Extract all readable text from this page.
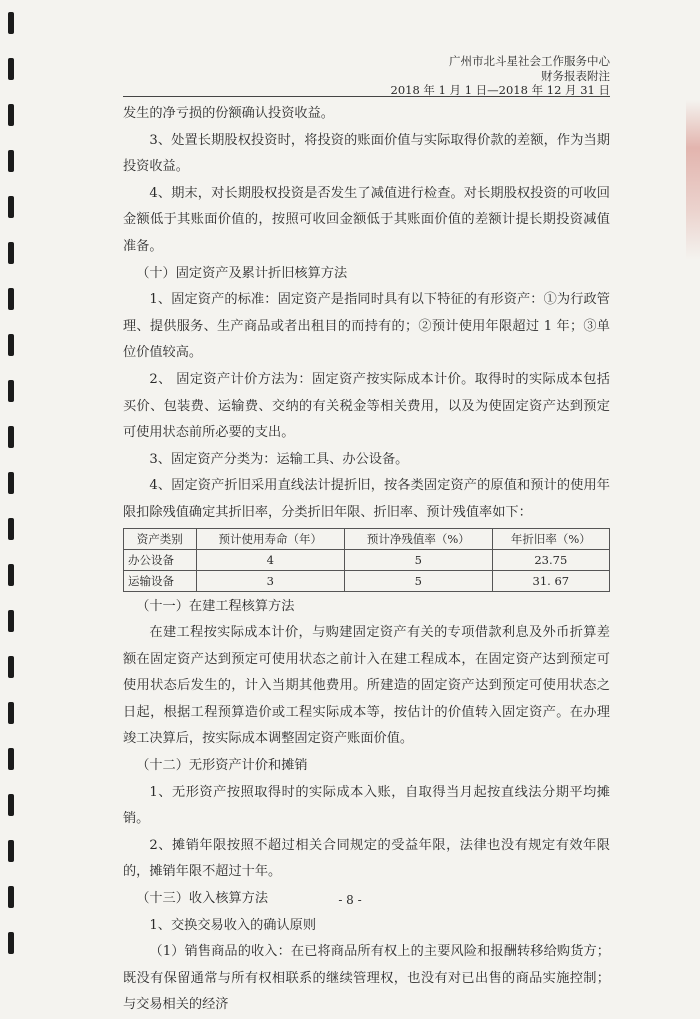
广州市北斗星社会工作服务中心
财务报表附注
2018 年 1 月 1 日—2018 年 12 月 31 日

发生的净亏损的份额确认投资收益。

3、处置长期股权投资时，将投资的账面价值与实际取得价款的差额，作为当期投资收益。

4、期末，对长期股权投资是否发生了减值进行检查。对长期股权投资的可收回金额低于其账面价值的，按照可收回金额低于其账面价值的差额计提长期投资减值准备。

（十）固定资产及累计折旧核算方法

1、固定资产的标准：固定资产是指同时具有以下特征的有形资产：①为行政管理、提供服务、生产商品或者出租目的而持有的；②预计使用年限超过 1 年；③单位价值较高。

2、 固定资产计价方法为：固定资产按实际成本计价。取得时的实际成本包括买价、包装费、运输费、交纳的有关税金等相关费用，以及为使固定资产达到预定可使用状态前所必要的支出。

3、固定资产分类为：运输工具、办公设备。

4、固定资产折旧采用直线法计提折旧，按各类固定资产的原值和预计的使用年限扣除残值确定其折旧率，分类折旧年限、折旧率、预计残值率如下：

资产类别	预计使用寿命（年）	预计净残值率（%）	年折旧率（%）
办公设备	4	5	23.75
运输设备	3	5	31. 67

（十一）在建工程核算方法

在建工程按实际成本计价，与购建固定资产有关的专项借款利息及外币折算差额在固定资产达到预定可使用状态之前计入在建工程成本，在固定资产达到预定可使用状态后发生的，计入当期其他费用。所建造的固定资产达到预定可使用状态之日起，根据工程预算造价或工程实际成本等，按估计的价值转入固定资产。在办理竣工决算后，按实际成本调整固定资产账面价值。

（十二）无形资产计价和摊销

1、无形资产按照取得时的实际成本入账，自取得当月起按直线法分期平均摊销。

2、摊销年限按照不超过相关合同规定的受益年限，法律也没有规定有效年限的，摊销年限不超过十年。

（十三）收入核算方法

1、交换交易收入的确认原则

（1）销售商品的收入：在已将商品所有权上的主要风险和报酬转移给购货方；既没有保留通常与所有权相联系的继续管理权，也没有对已出售的商品实施控制；与交易相关的经济

- 8 -
